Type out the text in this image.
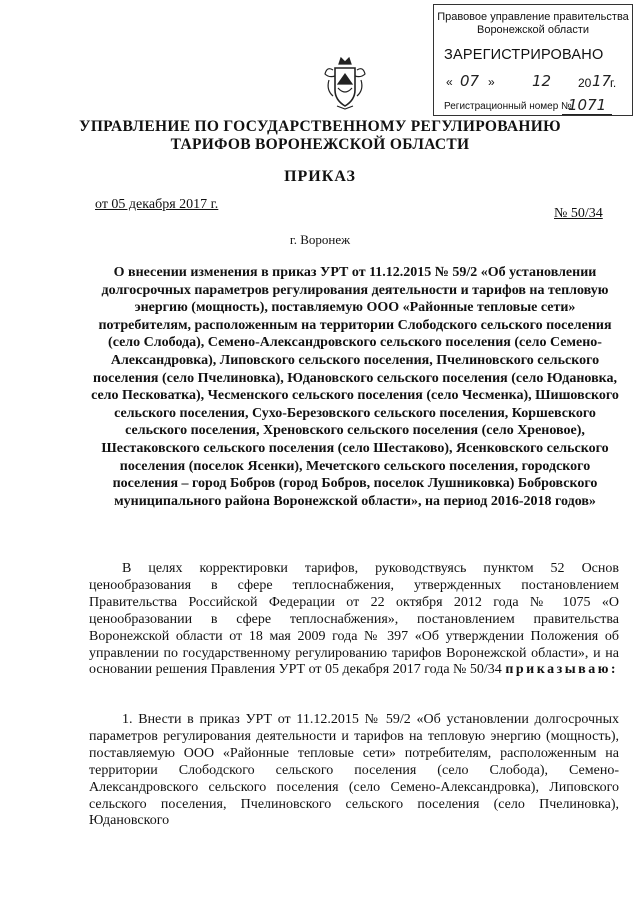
Правовое управление правительства
Воронежской области
ЗАРЕГИСТРИРОВАНО
« 07 » 12 20 17
г.
Регистрационный номер №
1071
УПРАВЛЕНИЕ ПО ГОСУДАРСТВЕННОМУ РЕГУЛИРОВАНИЮ
ТАРИФОВ ВОРОНЕЖСКОЙ ОБЛАСТИ
ПРИКАЗ
от 05 декабря 2017 г.
№ 50/34
г. Воронеж
О внесении изменения в приказ УРТ от 11.12.2015 № 59/2 «Об установлении долгосрочных параметров регулирования деятельности и тарифов на тепловую энергию (мощность), поставляемую ООО «Районные тепловые сети» потребителям, расположенным на территории Слободского сельского поселения (село Слобода), Семено-Александровского сельского поселения (село Семено-Александровка), Липовского сельского поселения, Пчелиновского сельского поселения (село Пчелиновка), Юдановского сельского поселения (село Юдановка, село Песковатка), Чесменского сельского поселения (село Чесменка), Шишовского сельского поселения, Сухо-Березовского сельского поселения, Коршевского сельского поселения, Хреновского сельского поселения (село Хреновое), Шестаковского сельского поселения (село Шестаково), Ясенковского сельского поселения (поселок Ясенки), Мечетского сельского поселения, городского поселения – город Бобров (город Бобров, поселок Лушниковка) Бобровского муниципального района Воронежской области», на период 2016-2018 годов»
В целях корректировки тарифов, руководствуясь пунктом 52 Основ ценообразования в сфере теплоснабжения, утвержденных постановлением Правительства Российской Федерации от 22 октября 2012 года № 1075 «О ценообразовании в сфере теплоснабжения», постановлением правительства Воронежской области от 18 мая 2009 года № 397 «Об утверждении Положения об управлении по государственному регулированию тарифов Воронежской области», и на основании решения Правления УРТ от 05 декабря 2017 года № 50/34 приказываю:
1. Внести в приказ УРТ от 11.12.2015 № 59/2 «Об установлении долгосрочных параметров регулирования деятельности и тарифов на тепловую энергию (мощность), поставляемую ООО «Районные тепловые сети» потребителям, расположенным на территории Слободского сельского поселения (село Слобода), Семено-Александровского сельского поселения (село Семено-Александровка), Липовского сельского поселения, Пчелиновского сельского поселения (село Пчелиновка), Юдановского
